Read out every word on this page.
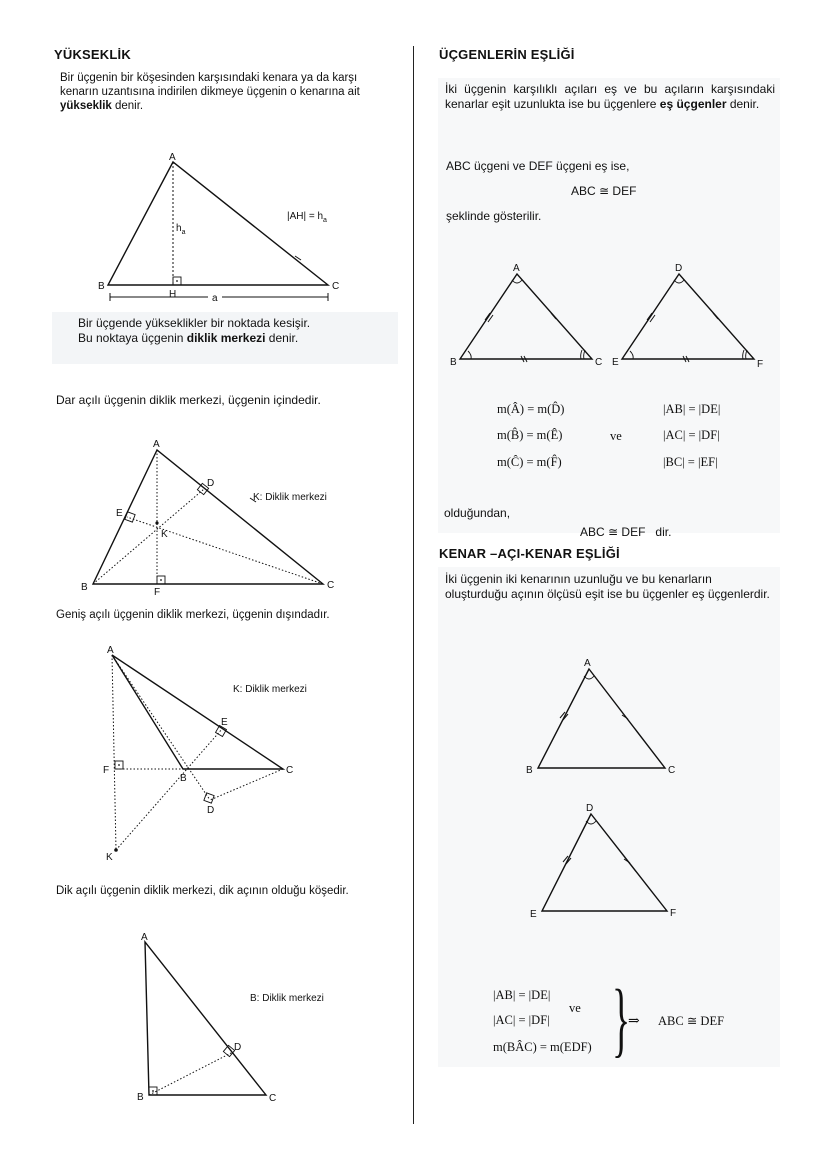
YÜKSEKLİK
Bir üçgenin bir köşesinden karşısındaki kenara ya da karşı kenarın uzantısına indirilen dikmeye üçgenin o kenarına ait yükseklik denir.
A
B	C
H
$h_a$
a
$|AH| = h_a$
Bir üçgende yükseklikler bir noktada kesişir.
Bu noktaya üçgenin diklik merkezi denir.
Dar açılı üçgenin diklik merkezi, üçgenin içindedir.
A
B	C
D
E
F
K
K: Diklik merkezi
Geniş açılı üçgenin diklik merkezi, üçgenin dışındadır.
A
B
C
D
E
F
K
K: Diklik merkezi
Dik açılı üçgenin diklik merkezi, dik açının olduğu köşedir.
A
B	C
D
B: Diklik merkezi
ÜÇGENLERİN EŞLİĞİ
İki üçgenin karşılıklı açıları eş ve bu açıların karşısındaki kenarlar eşit uzunlukta ise bu üçgenlere eş üçgenler denir.
ABC üçgeni ve DEF üçgeni eş ise,
ABC ≅ DEF
şeklinde gösterilir.
A
B	C
D
E	F
m(Â) = m(D̂)
m(B̂) = m(Ê)
m(Ĉ) = m(F̂)
ve
|AB| = |DE|
|AC| = |DF|
|BC| = |EF|
olduğundan,
ABC ≅ DEF dir.
KENAR –AÇI-KENAR EŞLİĞİ
İki üçgenin iki kenarının uzunluğu ve bu kenarların oluşturduğu açının ölçüsü eşit ise bu üçgenler eş üçgenlerdir.
A
B	C
D
E	F
|AB| = |DE|
|AC| = |DF|
m(BÂC) = m(EDF)
ve }
⇒ ABC ≅ DEF
